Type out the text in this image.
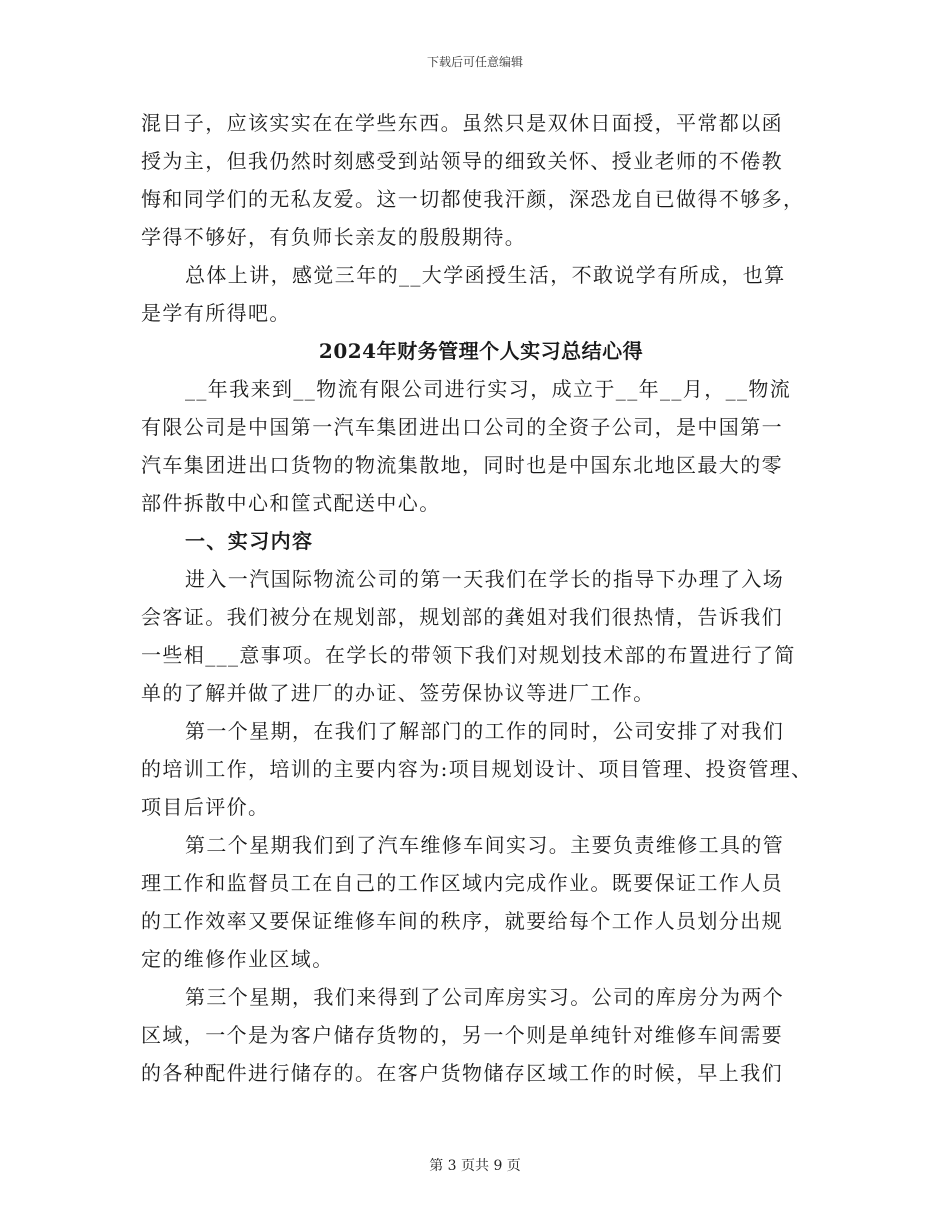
下载后可任意编辑
混日子，应该实实在在学些东西。虽然只是双休日面授，平常都以函
授为主，但我仍然时刻感受到站领导的细致关怀、授业老师的不倦教
悔和同学们的无私友爱。这一切都使我汗颜，深恐龙自已做得不够多，
学得不够好，有负师长亲友的殷殷期待。
总体上讲，感觉三年的__大学函授生活，不敢说学有所成，也算
是学有所得吧。
2024年财务管理个人实习总结心得
__年我来到__物流有限公司进行实习，成立于__年__月，__物流
有限公司是中国第一汽车集团进出口公司的全资子公司，是中国第一
汽车集团进出口货物的物流集散地，同时也是中国东北地区最大的零
部件拆散中心和筐式配送中心。
一、实习内容
进入一汽国际物流公司的第一天我们在学长的指导下办理了入场
会客证。我们被分在规划部，规划部的龚姐对我们很热情，告诉我们
一些相___意事项。在学长的带领下我们对规划技术部的布置进行了简
单的了解并做了进厂的办证、签劳保协议等进厂工作。
第一个星期，在我们了解部门的工作的同时，公司安排了对我们
的培训工作，培训的主要内容为:项目规划设计、项目管理、投资管理、
项目后评价。
第二个星期我们到了汽车维修车间实习。主要负责维修工具的管
理工作和监督员工在自己的工作区域内完成作业。既要保证工作人员
的工作效率又要保证维修车间的秩序，就要给每个工作人员划分出规
定的维修作业区域。
第三个星期，我们来得到了公司库房实习。公司的库房分为两个
区域，一个是为客户储存货物的，另一个则是单纯针对维修车间需要
的各种配件进行储存的。在客户货物储存区域工作的时候，早上我们
第 3 页共 9 页
